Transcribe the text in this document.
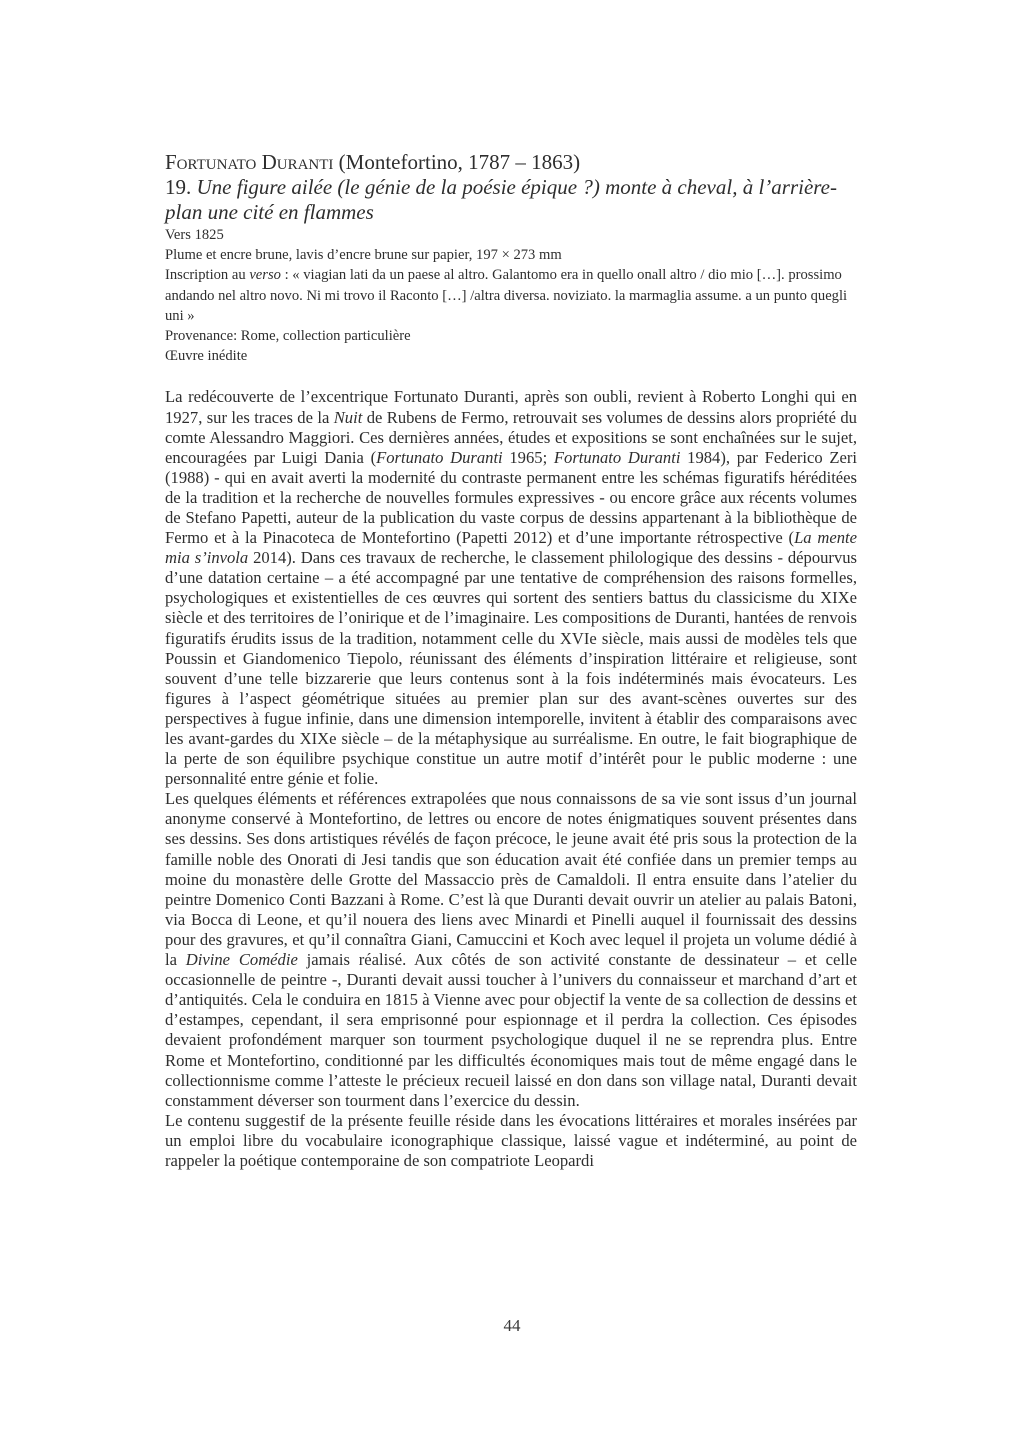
Fortunato Duranti (Montefortino, 1787 – 1863)
19. Une figure ailée (le génie de la poésie épique ?) monte à cheval, à l’arrière-plan une cité en flammes

Vers 1825

Plume et encre brune, lavis d’encre brune sur papier, 197 × 273 mm

Inscription au verso : « viagian lati da un paese al altro. Galantomo era in quello onall altro / dio mio […]. prossimo andando nel altro novo. Ni mi trovo il Raconto […] /altra diversa. noviziato. la marmaglia assume. a un punto quegli uni »

Provenance: Rome, collection particulière

Œuvre inédite

La redécouverte de l’excentrique Fortunato Duranti, après son oubli, revient à Roberto Longhi qui en 1927, sur les traces de la Nuit de Rubens de Fermo, retrouvait ses volumes de dessins alors propriété du comte Alessandro Maggiori. Ces dernières années, études et expositions se sont enchaînées sur le sujet, encouragées par Luigi Dania (Fortunato Duranti 1965; Fortunato Duranti 1984), par Federico Zeri (1988) - qui en avait averti la modernité du contraste permanent entre les schémas figuratifs héréditées de la tradition et la recherche de nouvelles formules expressives - ou encore grâce aux récents volumes de Stefano Papetti, auteur de la publication du vaste corpus de dessins appartenant à la bibliothèque de Fermo et à la Pinacoteca de Montefortino (Papetti 2012) et d’une importante rétrospective (La mente mia s’invola 2014). Dans ces travaux de recherche, le classement philologique des dessins - dépourvus d’une datation certaine – a été accompagné par une tentative de compréhension des raisons formelles, psychologiques et existentielles de ces œuvres qui sortent des sentiers battus du classicisme du XIXe siècle et des territoires de l’onirique et de l’imaginaire. Les compositions de Duranti, hantées de renvois figuratifs érudits issus de la tradition, notamment celle du XVIe siècle, mais aussi de modèles tels que Poussin et Giandomenico Tiepolo, réunissant des éléments d’inspiration littéraire et religieuse, sont souvent d’une telle bizzarerie que leurs contenus sont à la fois indéterminés mais évocateurs. Les figures à l’aspect géométrique situées au premier plan sur des avant-scènes ouvertes sur des perspectives à fugue infinie, dans une dimension intemporelle, invitent à établir des comparaisons avec les avant-gardes du XIXe siècle – de la métaphysique au surréalisme. En outre, le fait biographique de la perte de son équilibre psychique constitue un autre motif d’intérêt pour le public moderne : une personnalité entre génie et folie.

Les quelques éléments et références extrapolées que nous connaissons de sa vie sont issus d’un journal anonyme conservé à Montefortino, de lettres ou encore de notes énigmatiques souvent présentes dans ses dessins. Ses dons artistiques révélés de façon précoce, le jeune avait été pris sous la protection de la famille noble des Onorati di Jesi tandis que son éducation avait été confiée dans un premier temps au moine du monastère delle Grotte del Massaccio près de Camaldoli. Il entra ensuite dans l’atelier du peintre Domenico Conti Bazzani à Rome. C’est là que Duranti devait ouvrir un atelier au palais Batoni, via Bocca di Leone, et qu’il nouera des liens avec Minardi et Pinelli auquel il fournissait des dessins pour des gravures, et qu’il connaîtra Giani, Camuccini et Koch avec lequel il projeta un volume dédié à la Divine Comédie jamais réalisé. Aux côtés de son activité constante de dessinateur – et celle occasionnelle de peintre -, Duranti devait aussi toucher à l’univers du connaisseur et marchand d’art et d’antiquités. Cela le conduira en 1815 à Vienne avec pour objectif la vente de sa collection de dessins et d’estampes, cependant, il sera emprisonné pour espionnage et il perdra la collection. Ces épisodes devaient profondément marquer son tourment psychologique duquel il ne se reprendra plus. Entre Rome et Montefortino, conditionné par les difficultés économiques mais tout de même engagé dans le collectionnisme comme l’atteste le précieux recueil laissé en don dans son village natal, Duranti devait constamment déverser son tourment dans l’exercice du dessin.

Le contenu suggestif de la présente feuille réside dans les évocations littéraires et morales insérées par un emploi libre du vocabulaire iconographique classique, laissé vague et indéterminé, au point de rappeler la poétique contemporaine de son compatriote Leopardi

44
